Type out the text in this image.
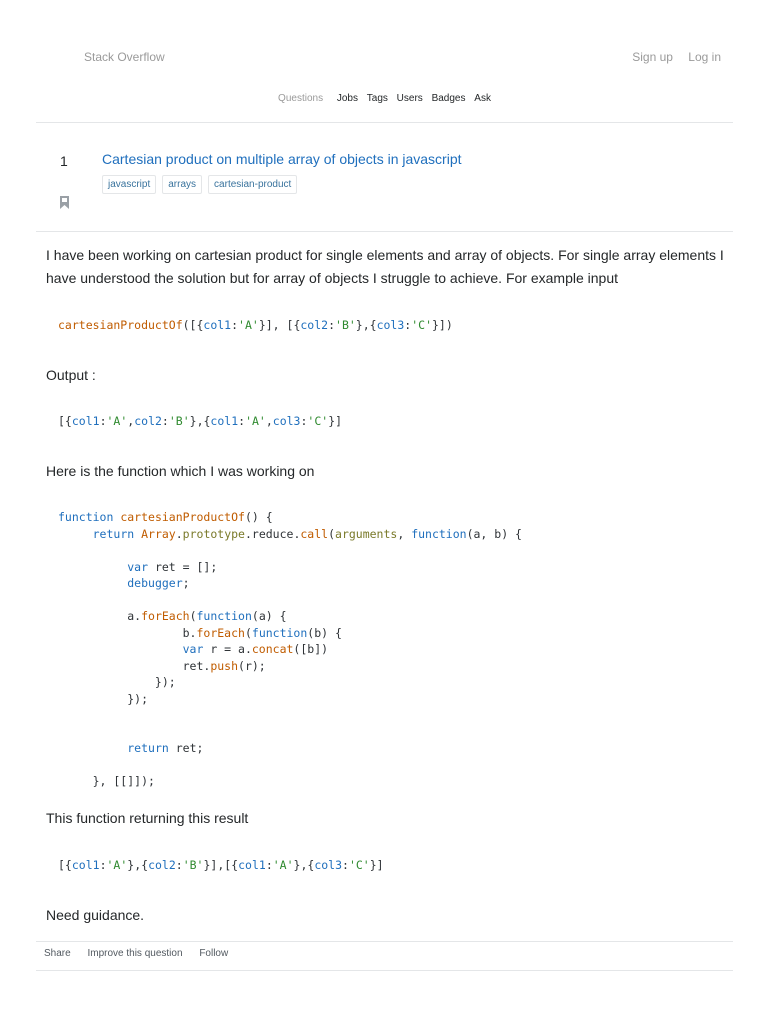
Stack Overflow	Sign up Log in
Questions Jobs Tags Users Badges Ask
1 Cartesian product on multiple array of objects in javascript
javascript	arrays	cartesian-product
I have been working on cartesian product for single elements and array of objects. For single array elements I have understood the solution but for array of objects I struggle to achieve. For example input
cartesianProductOf([{col1:'A'}], [{col2:'B'},{col3:'C'}])
Output :
[{col1:'A',col2:'B'},{col1:'A',col3:'C'}]
Here is the function which I was working on
function cartesianProductOf() {
return Array.prototype.reduce.call(arguments, function(a, b) {

var ret = [];
debugger;

a.forEach(function(a) {
b.forEach(function(b) {
var r = a.concat([b])
ret.push(r);
});
});

return ret;

}, [[]]);
This function returning this result
[{col1:'A'},{col2:'B'}],[{col1:'A'},{col3:'C'}]
Need guidance.
Share Improve this question Follow
